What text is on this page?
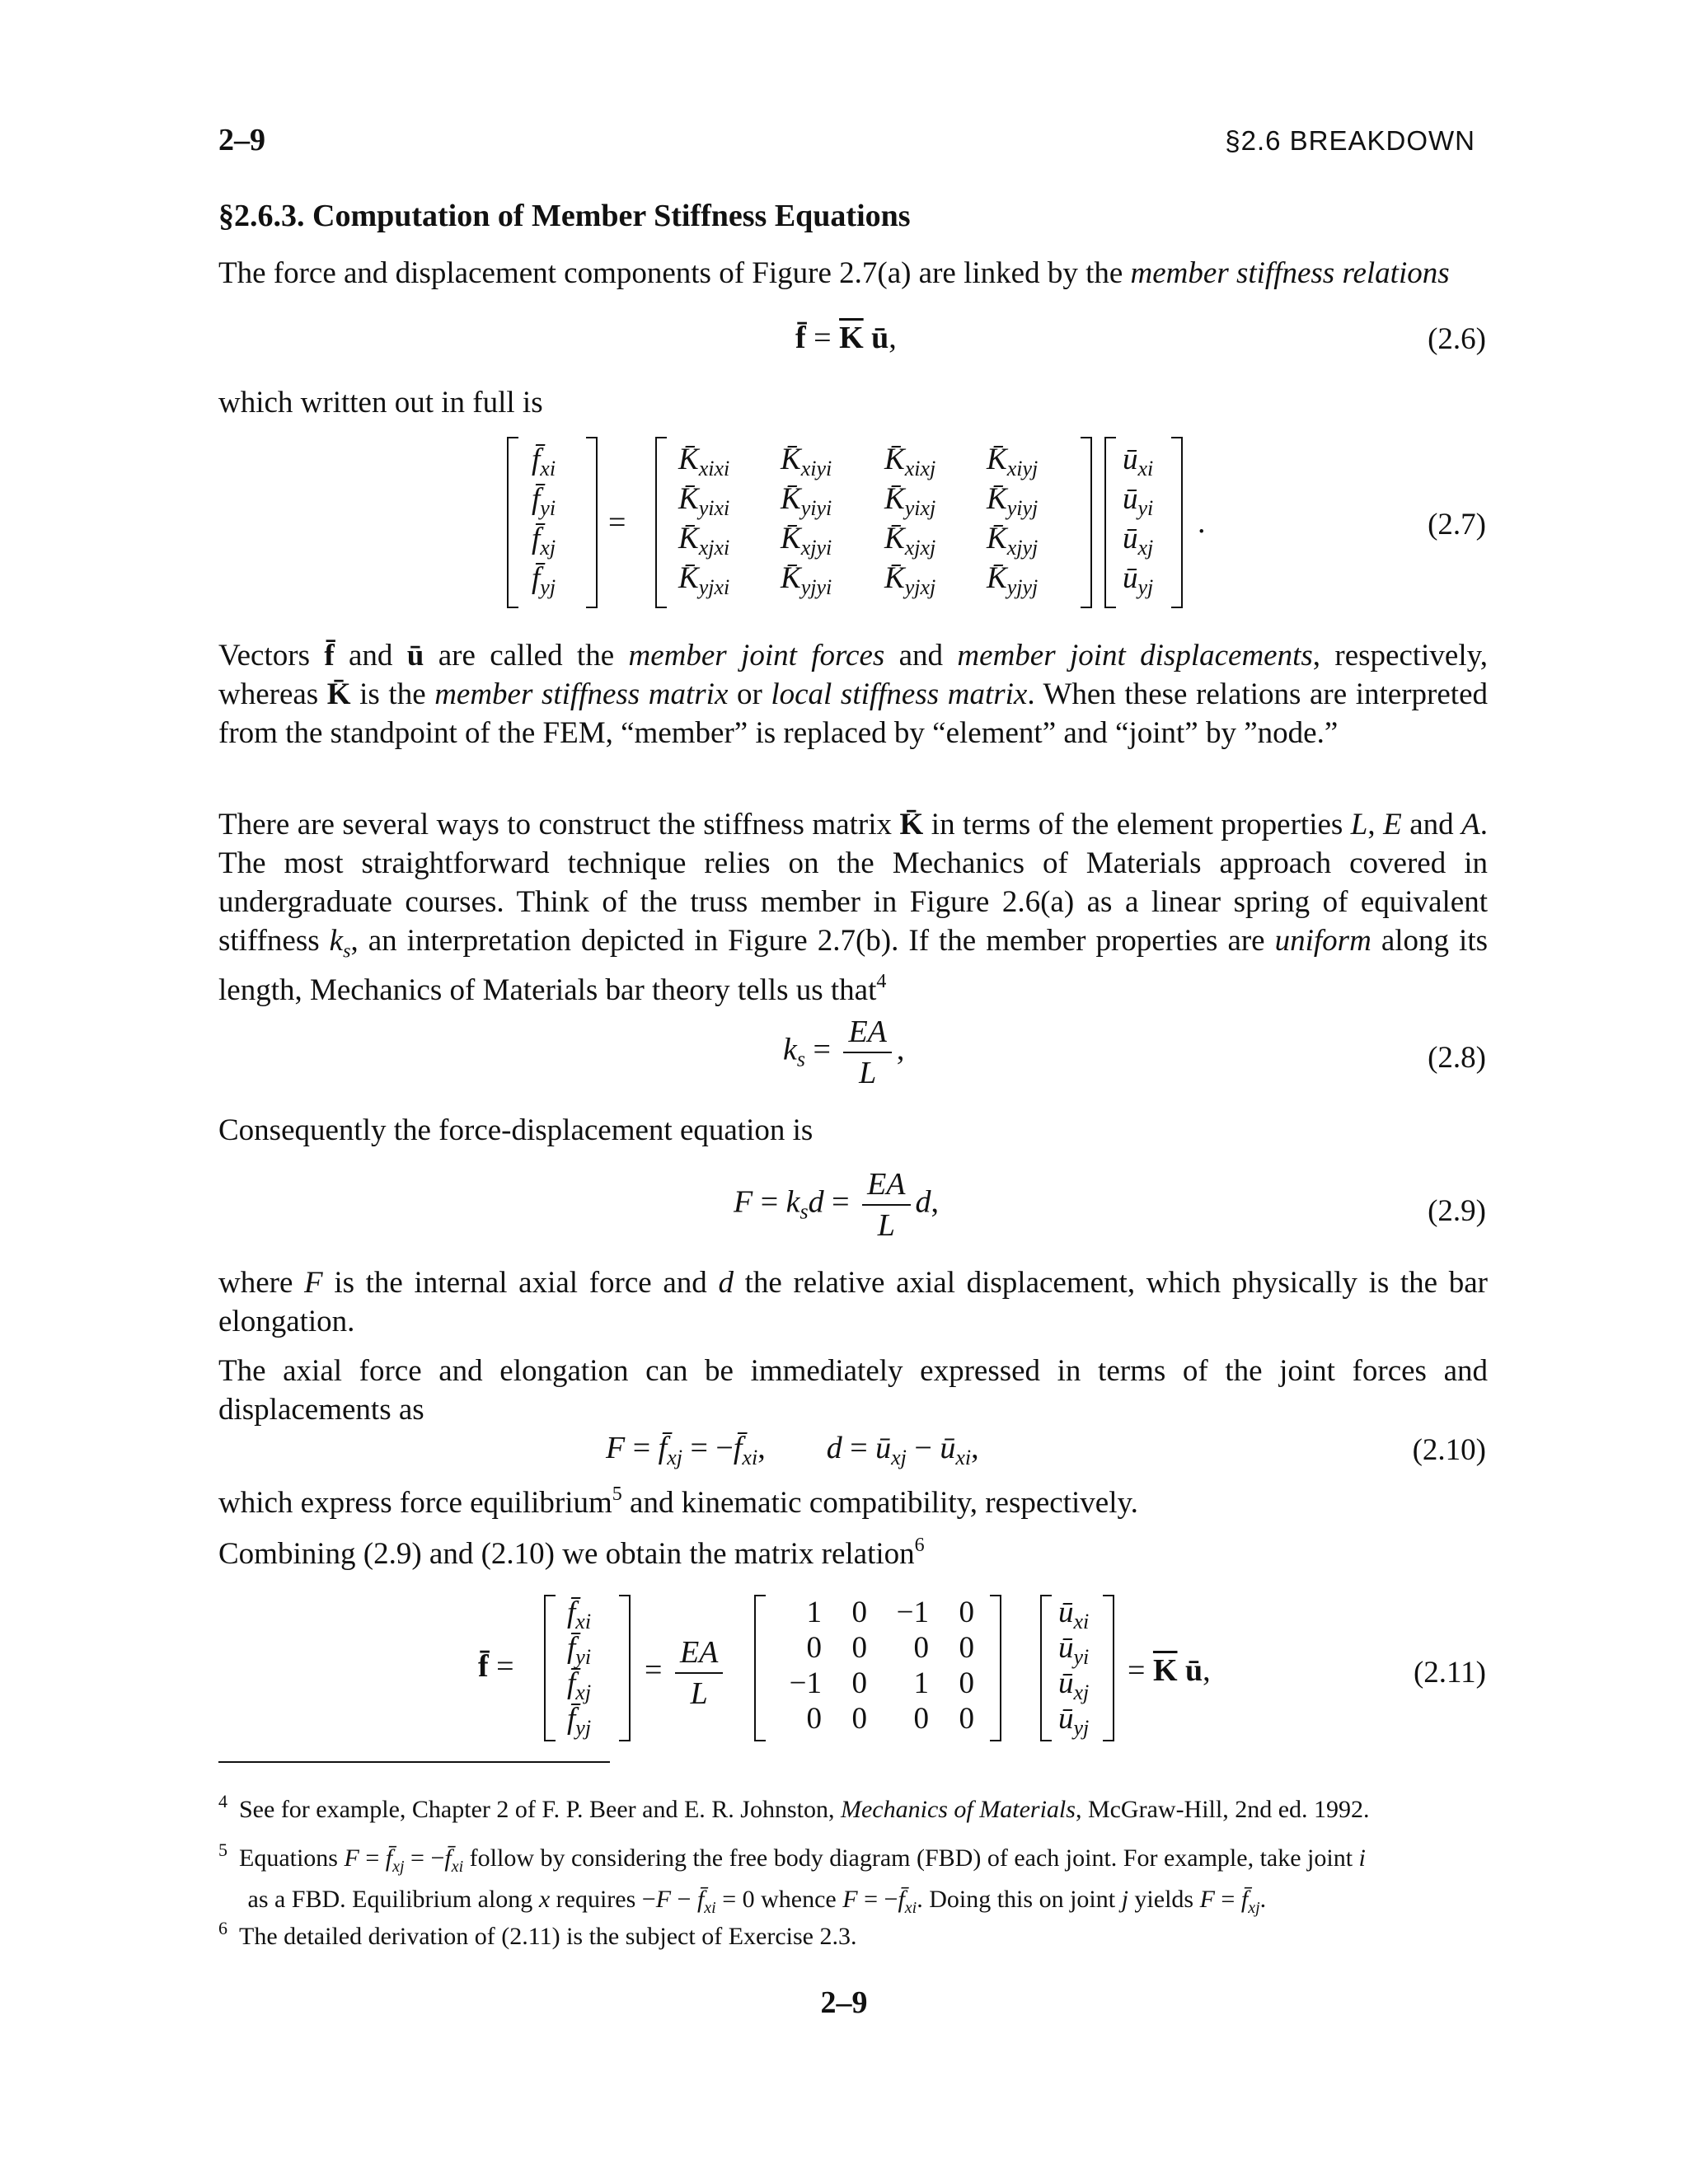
2–9	§2.6 BREAKDOWN
§2.6.3. Computation of Member Stiffness Equations
The force and displacement components of Figure 2.7(a) are linked by the member stiffness relations
f̄ = $\overline{K}$ ū,	(2.6)
which written out in full is
$f̄_{xi}$
$f̄_{yi}$
$f̄_{xj}$
$f̄_{yj}$
=
$K̄_{xixi}$ $K̄_{xiyi}$ $K̄_{xixj}$ $K̄_{xiyj}$
$K̄_{yixi}$ $K̄_{yiyi}$ $K̄_{yixj}$ $K̄_{yiyj}$
$K̄_{xjxi}$ $K̄_{xjyi}$ $K̄_{xjxj}$ $K̄_{xjyj}$
$K̄_{yjxi}$ $K̄_{yjyi}$ $K̄_{yjxj}$ $K̄_{yjyj}$
$ū_{xi}$
$ū_{yi}$
$ū_{xj}$
$ū_{yj}$
.	(2.7)
Vectors f̄ and ū are called the member joint forces and member joint displacements, respectively, whereas K̄ is the member stiffness matrix or local stiffness matrix. When these relations are interpreted from the standpoint of the FEM, “member” is replaced by “element” and “joint” by ”node.”
There are several ways to construct the stiffness matrix K̄ in terms of the element properties L, E and A. The most straightforward technique relies on the Mechanics of Materials approach covered in undergraduate courses. Think of the truss member in Figure 2.6(a) as a linear spring of equivalent stiffness $k_s$, an interpretation depicted in Figure 2.7(b). If the member properties are uniform along its length, Mechanics of Materials bar theory tells us that$^4$
$k_s = \frac{EA}{L}$ ,	(2.8)
Consequently the force-displacement equation is
$F = k_sd = \frac{EA}{L} d$,	(2.9)
where F is the internal axial force and d the relative axial displacement, which physically is the bar elongation.
The axial force and elongation can be immediately expressed in terms of the joint forces and displacements as
$F = f̄_{xj}$ = $-f̄_{xi}$,  $d = ū_{xj}$ − $ū_{xi}$,	(2.10)
which express force equilibrium$^5$ and kinematic compatibility, respectively.
Combining (2.9) and (2.10) we obtain the matrix relation$^6$
f̄ =
$f̄_{xi}$
$f̄_{yi}$
$f̄_{xj}$
$f̄_{yj}$
= $\frac{EA}{L}$
1 0 −1 0
0 0 0 0
−1 0 1 0
0 0 0 0
$ū_{xi}$
$ū_{yi}$
$ū_{xj}$
$ū_{yj}$
= $\overline{K}$ ū,	(2.11)
$^4$ See for example, Chapter 2 of F. P. Beer and E. R. Johnston, Mechanics of Materials, McGraw-Hill, 2nd ed. 1992.
$^5$ Equations $F = f̄_{xj}$ = $-f̄_{xi}$ follow by considering the free body diagram (FBD) of each joint. For example, take joint i
as a FBD. Equilibrium along x requires $-F - f̄_{xi} = 0$ whence $F = -f̄_{xi}$. Doing this on joint j yields $F = f̄_{xj}$.
$^6$ The detailed derivation of (2.11) is the subject of Exercise 2.3.
2–9
